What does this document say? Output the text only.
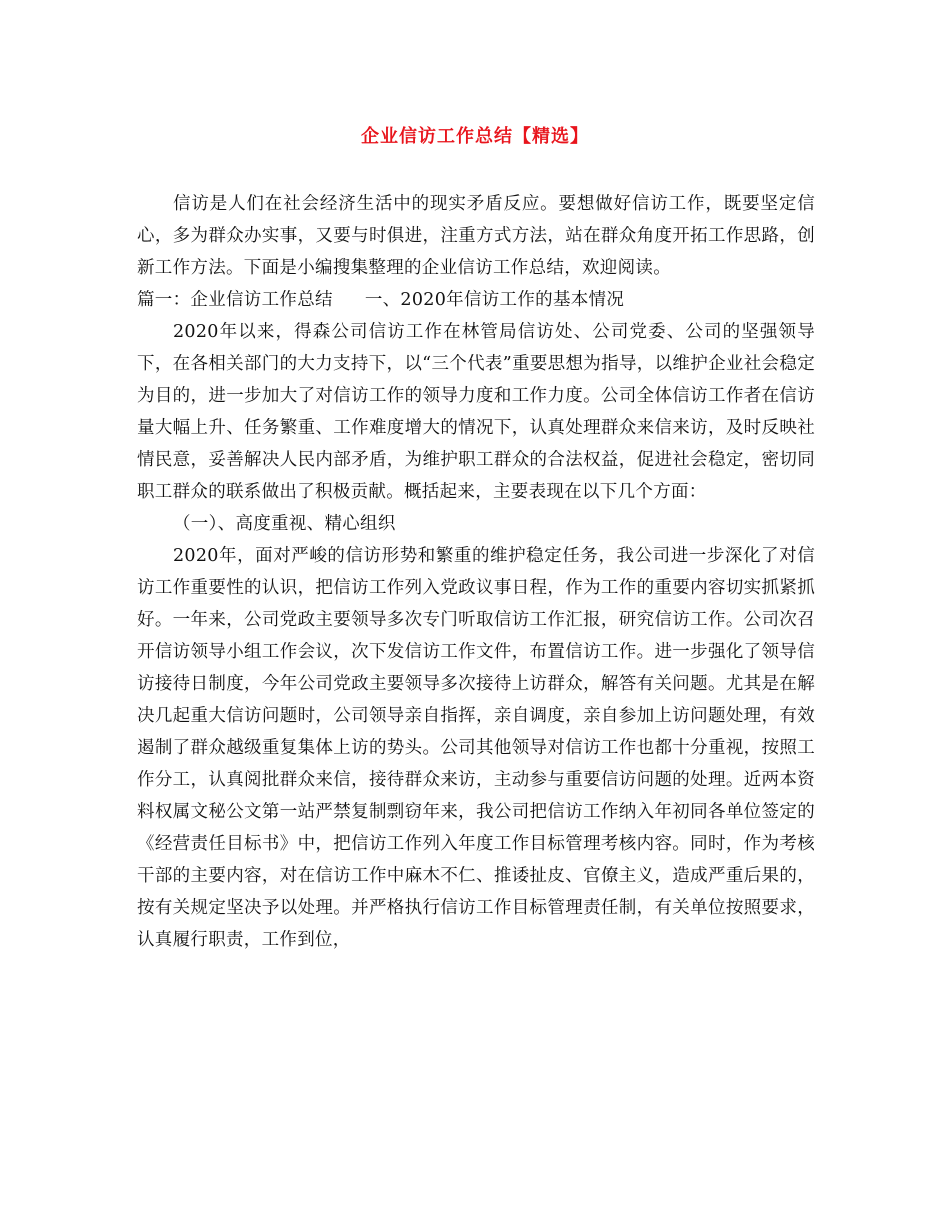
企业信访工作总结【精选】

信访是人们在社会经济生活中的现实矛盾反应。要想做好信访工作，既要坚定信心，多为群众办实事，又要与时俱进，注重方式方法，站在群众角度开拓工作思路，创新工作方法。下面是小编搜集整理的企业信访工作总结，欢迎阅读。

篇一：企业信访工作总结 一、2020年信访工作的基本情况

2020年以来，得森公司信访工作在林管局信访处、公司党委、公司的坚强领导下，在各相关部门的大力支持下，以“三个代表”重要思想为指导，以维护企业社会稳定为目的，进一步加大了对信访工作的领导力度和工作力度。公司全体信访工作者在信访量大幅上升、任务繁重、工作难度增大的情况下，认真处理群众来信来访，及时反映社情民意，妥善解决人民内部矛盾，为维护职工群众的合法权益，促进社会稳定，密切同职工群众的联系做出了积极贡献。概括起来，主要表现在以下几个方面：

（一）、高度重视、精心组织

2020年，面对严峻的信访形势和繁重的维护稳定任务，我公司进一步深化了对信访工作重要性的认识，把信访工作列入党政议事日程，作为工作的重要内容切实抓紧抓好。一年来，公司党政主要领导多次专门听取信访工作汇报，研究信访工作。公司次召开信访领导小组工作会议，次下发信访工作文件，布置信访工作。进一步强化了领导信访接待日制度，今年公司党政主要领导多次接待上访群众，解答有关问题。尤其是在解决几起重大信访问题时，公司领导亲自指挥，亲自调度，亲自参加上访问题处理，有效遏制了群众越级重复集体上访的势头。公司其他领导对信访工作也都十分重视，按照工作分工，认真阅批群众来信，接待群众来访，主动参与重要信访问题的处理。近两本资料权属文秘公文第一站严禁复制剽窃年来，我公司把信访工作纳入年初同各单位签定的《经营责任目标书》中，把信访工作列入年度工作目标管理考核内容。同时，作为考核干部的主要内容，对在信访工作中麻木不仁、推诿扯皮、官僚主义，造成严重后果的，按有关规定坚决予以处理。并严格执行信访工作目标管理责任制，有关单位按照要求，认真履行职责，工作到位，
